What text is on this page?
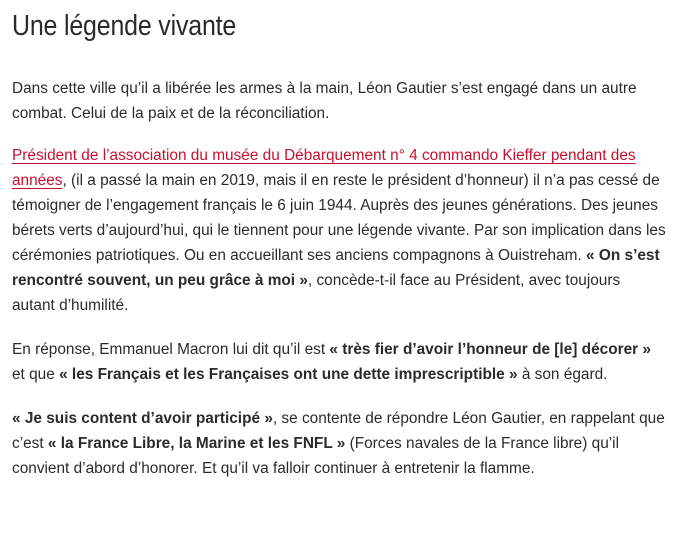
Une légende vivante

Dans cette ville qu’il a libérée les armes à la main, Léon Gautier s’est engagé dans un autre combat. Celui de la paix et de la réconciliation.

Président de l’association du musée du Débarquement n° 4 commando Kieffer pendant des années, (il a passé la main en 2019, mais il en reste le président d’honneur) il n’a pas cessé de témoigner de l’engagement français le 6 juin 1944. Auprès des jeunes générations. Des jeunes bérets verts d’aujourd’hui, qui le tiennent pour une légende vivante. Par son implication dans les cérémonies patriotiques. Ou en accueillant ses anciens compagnons à Ouistreham. « On s’est rencontré souvent, un peu grâce à moi », concède-t-il face au Président, avec toujours autant d’humilité.

En réponse, Emmanuel Macron lui dit qu’il est « très fier d’avoir l’honneur de [le] décorer » et que « les Français et les Françaises ont une dette imprescriptible » à son égard.

« Je suis content d’avoir participé », se contente de répondre Léon Gautier, en rappelant que c’est « la France Libre, la Marine et les FNFL » (Forces navales de la France libre) qu’il convient d’abord d’honorer. Et qu’il va falloir continuer à entretenir la flamme.
